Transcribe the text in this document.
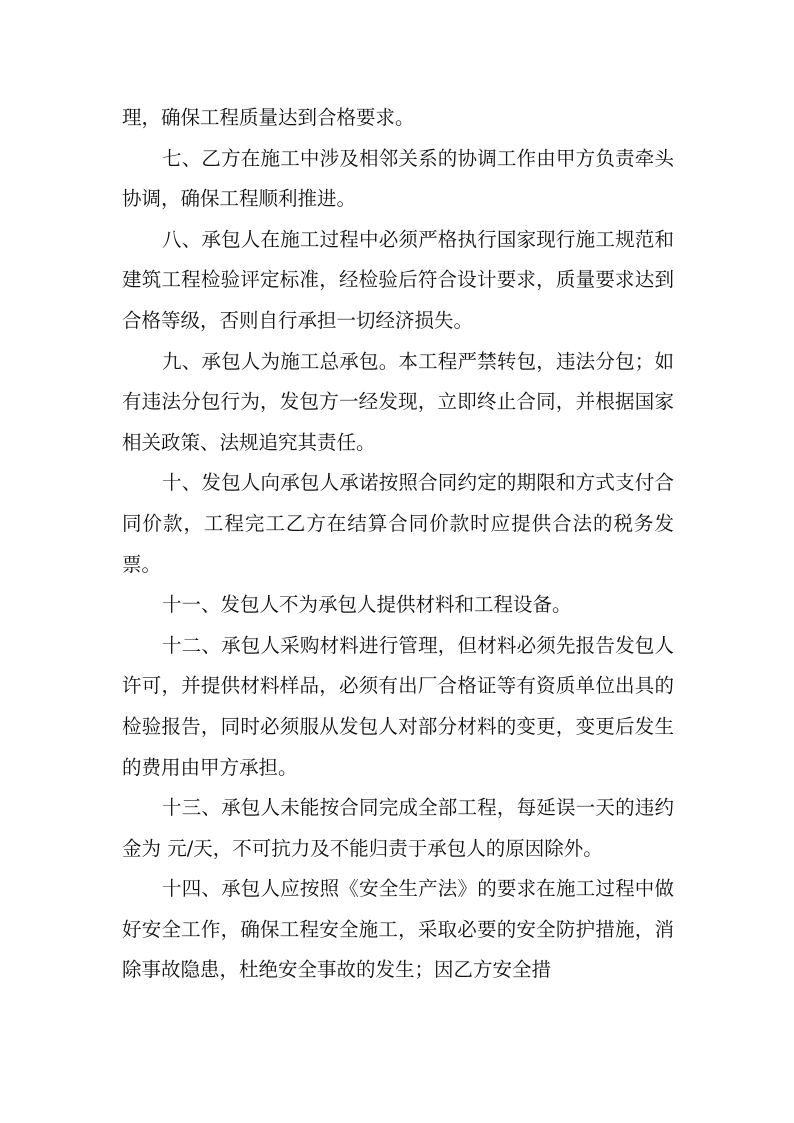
理，确保工程质量达到合格要求。

七、乙方在施工中涉及相邻关系的协调工作由甲方负责牵头协调，确保工程顺利推进。

八、承包人在施工过程中必须严格执行国家现行施工规范和建筑工程检验评定标准，经检验后符合设计要求，质量要求达到合格等级，否则自行承担一切经济损失。

九、承包人为施工总承包。本工程严禁转包，违法分包；如有违法分包行为，发包方一经发现，立即终止合同，并根据国家相关政策、法规追究其责任。

十、发包人向承包人承诺按照合同约定的期限和方式支付合同价款，工程完工乙方在结算合同价款时应提供合法的税务发票。

十一、发包人不为承包人提供材料和工程设备。

十二、承包人采购材料进行管理，但材料必须先报告发包人许可，并提供材料样品，必须有出厂合格证等有资质单位出具的检验报告，同时必须服从发包人对部分材料的变更，变更后发生的费用由甲方承担。

十三、承包人未能按合同完成全部工程，每延误一天的违约金为 元/天，不可抗力及不能归责于承包人的原因除外。

十四、承包人应按照《安全生产法》的要求在施工过程中做好安全工作，确保工程安全施工，采取必要的安全防护措施，消除事故隐患，杜绝安全事故的发生；因乙方安全措
